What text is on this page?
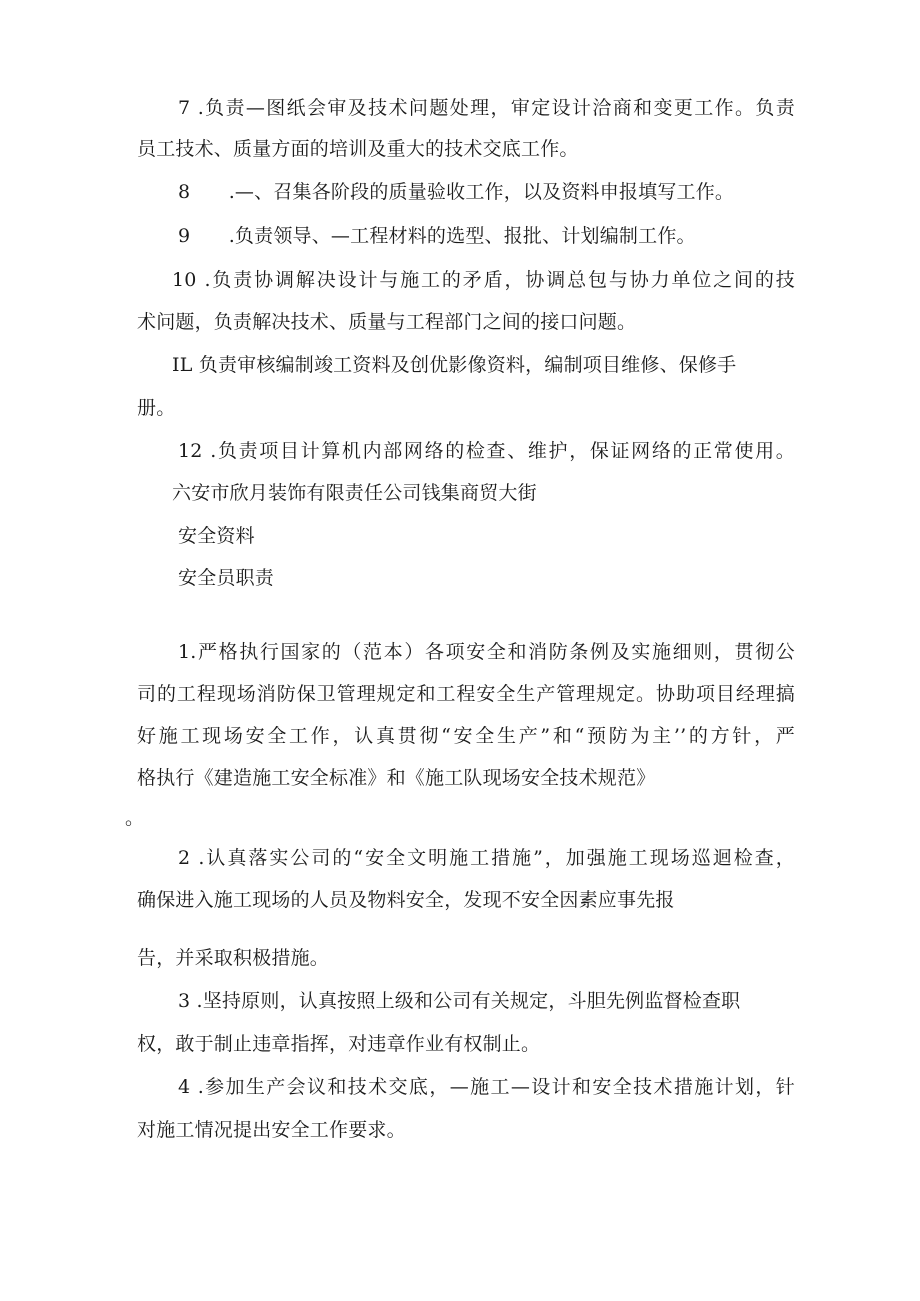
7 .负责—图纸会审及技术问题处理，审定设计洽商和变更工作。负责
员工技术、质量方面的培训及重大的技术交底工作。
8　　.—、召集各阶段的质量验收工作，以及资料申报填写工作。
9　　.负责领导、—工程材料的选型、报批、计划编制工作。
10 .负责协调解决设计与施工的矛盾，协调总包与协力单位之间的技
术问题，负责解决技术、质量与工程部门之间的接口问题。
IL 负责审核编制竣工资料及创优影像资料，编制项目维修、保修手
册。
12 .负责项目计算机内部网络的检查、维护，保证网络的正常使用。
六安市欣月装饰有限责任公司钱集商贸大街
安全资料
安全员职责
1.严格执行国家的（范本）各项安全和消防条例及实施细则，贯彻公
司的工程现场消防保卫管理规定和工程安全生产管理规定。协助项目经理搞
好施工现场安全工作，认真贯彻“安全生产”和“预防为主’’的方针，严
格执行《建造施工安全标准》和《施工队现场安全技术规范》
。
2 .认真落实公司的“安全文明施工措施”，加强施工现场巡迴检查，
确保进入施工现场的人员及物料安全，发现不安全因素应事先报
告，并采取积极措施。
3 .坚持原则，认真按照上级和公司有关规定，斗胆先例监督检查职
权，敢于制止违章指挥，对违章作业有权制止。
4 .参加生产会议和技术交底，—施工—设计和安全技术措施计划，针
对施工情况提出安全工作要求。
